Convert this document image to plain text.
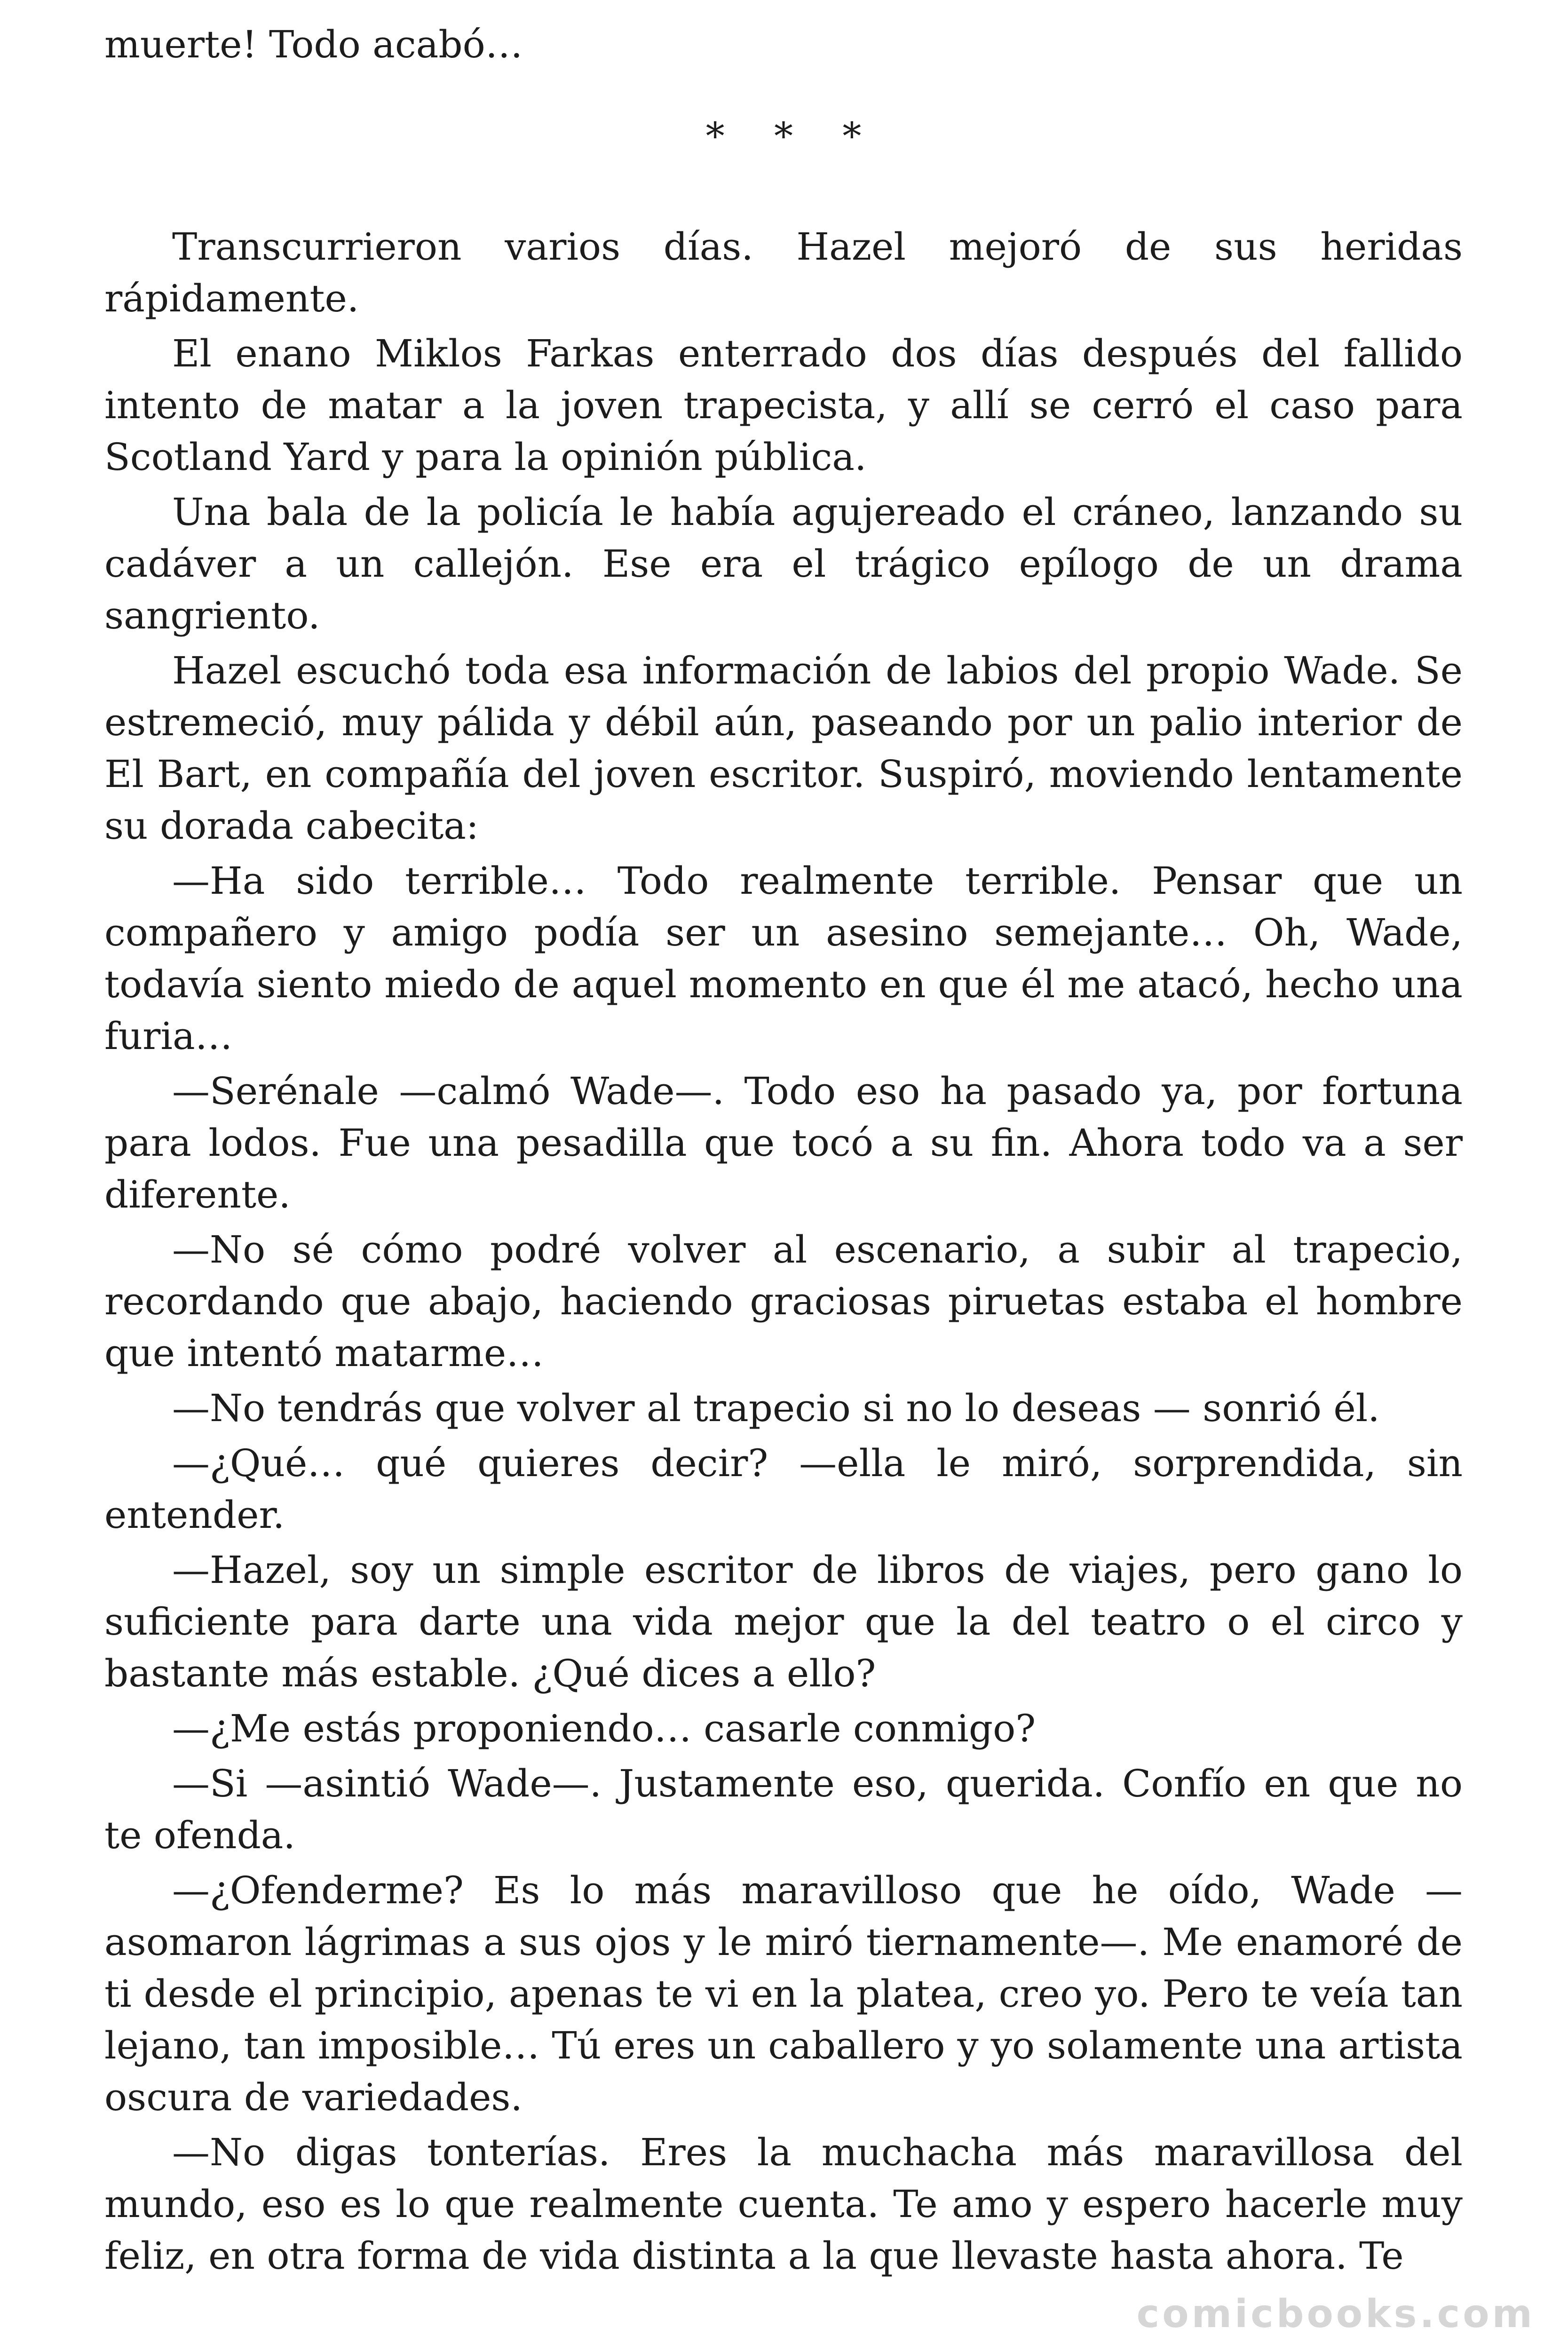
muerte! Todo acabó…

* * *

Transcurrieron varios días. Hazel mejoró de sus heridas rápidamente.

El enano Miklos Farkas enterrado dos días después del fallido intento de matar a la joven trapecista, y allí se cerró el caso para Scotland Yard y para la opinión pública.

Una bala de la policía le había agujereado el cráneo, lanzando su cadáver a un callejón. Ese era el trágico epílogo de un drama sangriento.

Hazel escuchó toda esa información de labios del propio Wade. Se estremeció, muy pálida y débil aún, paseando por un palio interior de El Bart, en compañía del joven escritor. Suspiró, moviendo lentamente su dorada cabecita:

—Ha sido terrible… Todo realmente terrible. Pensar que un compañero y amigo podía ser un asesino semejante… Oh, Wade, todavía siento miedo de aquel momento en que él me atacó, hecho una furia…

—Serénale —calmó Wade—. Todo eso ha pasado ya, por fortuna para lodos. Fue una pesadilla que tocó a su fin. Ahora todo va a ser diferente.

—No sé cómo podré volver al escenario, a subir al trapecio, recordando que abajo, haciendo graciosas piruetas estaba el hombre que intentó matarme…

—No tendrás que volver al trapecio si no lo deseas — sonrió él.

—¿Qué… qué quieres decir? —ella le miró, sorprendida, sin entender.

—Hazel, soy un simple escritor de libros de viajes, pero gano lo suficiente para darte una vida mejor que la del teatro o el circo y bastante más estable. ¿Qué dices a ello?

—¿Me estás proponiendo… casarle conmigo?

—Si —asintió Wade—. Justamente eso, querida. Confío en que no te ofenda.

—¿Ofenderme? Es lo más maravilloso que he oído, Wade — asomaron lágrimas a sus ojos y le miró tiernamente—. Me enamoré de ti desde el principio, apenas te vi en la platea, creo yo. Pero te veía tan lejano, tan imposible… Tú eres un caballero y yo solamente una artista oscura de variedades.

—No digas tonterías. Eres la muchacha más maravillosa del mundo, eso es lo que realmente cuenta. Te amo y espero hacerle muy feliz, en otra forma de vida distinta a la que llevaste hasta ahora. Te

comicbooks.com
